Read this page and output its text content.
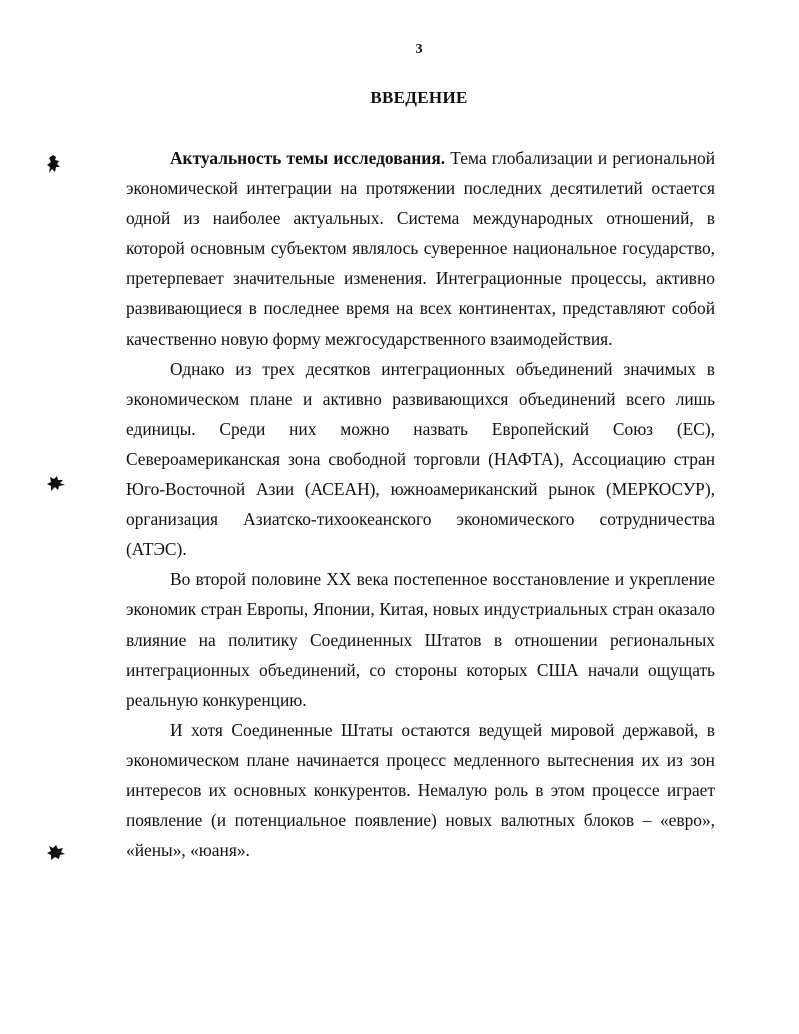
3
ВВЕДЕНИЕ

Актуальность темы исследования. Тема глобализации и региональной экономической интеграции на протяжении последних десятилетий остается одной из наиболее актуальных. Система международных отношений, в которой основным субъектом являлось суверенное национальное государство, претерпевает значительные изменения. Интеграционные процессы, активно развивающиеся в последнее время на всех континентах, представляют собой качественно новую форму межгосударственного взаимодействия.

Однако из трех десятков интеграционных объединений значимых в экономическом плане и активно развивающихся объединений всего лишь единицы. Среди них можно назвать Европейский Союз (ЕС), Североамериканская зона свободной торговли (НАФТА), Ассоциацию стран Юго-Восточной Азии (АСЕАН), южноамериканский рынок (МЕРКОСУР), организация Азиатско-тихоокеанского экономического сотрудничества (АТЭС).

Во второй половине XX века постепенное восстановление и укрепление экономик стран Европы, Японии, Китая, новых индустриальных стран оказало влияние на политику Соединенных Штатов в отношении региональных интеграционных объединений, со стороны которых США начали ощущать реальную конкуренцию.

И хотя Соединенные Штаты остаются ведущей мировой державой, в экономическом плане начинается процесс медленного вытеснения их из зон интересов их основных конкурентов. Немалую роль в этом процессе играет появление (и потенциальное появление) новых валютных блоков – «евро», «йены», «юаня».
